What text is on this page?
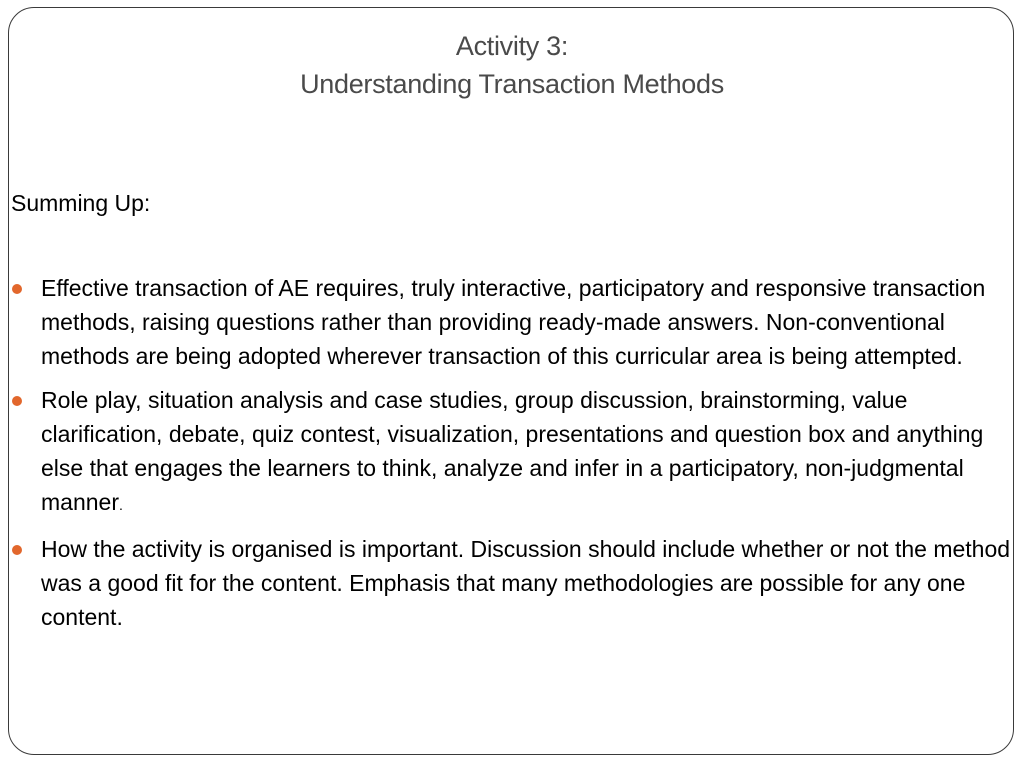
Activity 3:
Understanding Transaction Methods
Summing Up:
Effective transaction of AE requires, truly interactive, participatory and responsive transaction methods, raising questions rather than providing ready-made answers. Non-conventional methods are being adopted wherever transaction of this curricular area is being attempted.
Role play, situation analysis and case studies, group discussion, brainstorming, value clarification, debate, quiz contest, visualization, presentations and question box and anything else that engages the learners to think, analyze and infer in a participatory, non-judgmental manner.
How the activity is organised is important. Discussion should include whether or not the method was a good fit for the content. Emphasis that many methodologies are possible for any one content.
